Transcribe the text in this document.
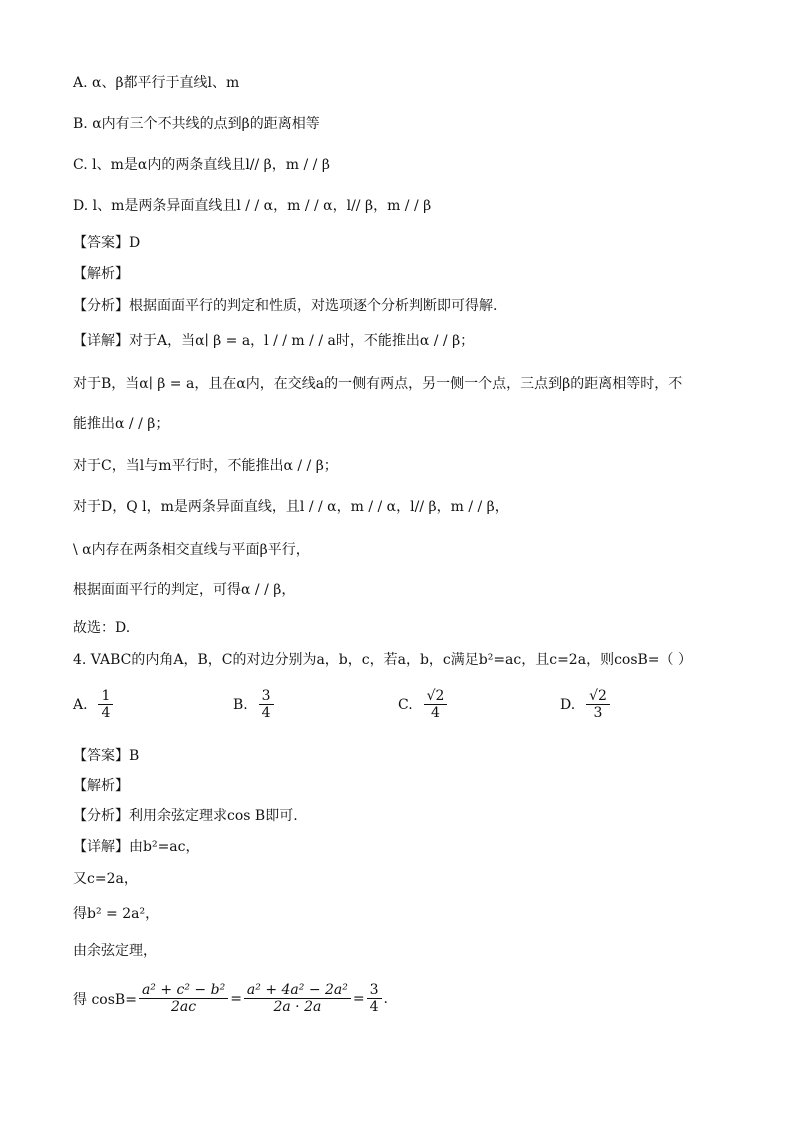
A. α、β都平行于直线l、m
B. α内有三个不共线的点到β的距离相等
C. l、m是α内的两条直线且l// β，m / / β
D. l、m是两条异面直线且l / / α，m / / α，l// β，m / / β
【答案】D
【解析】
【分析】根据面面平行的判定和性质，对选项逐个分析判断即可得解.
【详解】对于A，当α∣ β = a，l / / m / / a时，不能推出α / / β；
对于B，当α∣ β = a，且在α内，在交线a的一侧有两点，另一侧一个点，三点到β的距离相等时，不
能推出α / / β；
对于C，当l与m平行时，不能推出α / / β；
对于D，Q l，m是两条异面直线，且l / / α，m / / α，l// β，m / / β，
\ α内存在两条相交直线与平面β平行，
根据面面平行的判定，可得α / / β，
故选：D.
4. VABC的内角A，B，C的对边分别为a，b，c，若a，b，c满足b²=ac，且c=2a，则cosB=（ ）
A.
$\frac{1}{4}$	B.
$\frac{3}{4}$	C.
$\frac{√2}{4}$	D.
$\frac{√2}{3}$
【答案】B
【解析】
【分析】利用余弦定理求cos B即可.
【详解】由b²=ac，
又c=2a，
得b² = 2a²，
由余弦定理，
得 $\cos B= \frac{\text{a² + c² − b²}}{2ac} = \frac{\text{a² + 4a² − 2a²}}{2a \cdot 2a} = \frac{3}{4}$ .
